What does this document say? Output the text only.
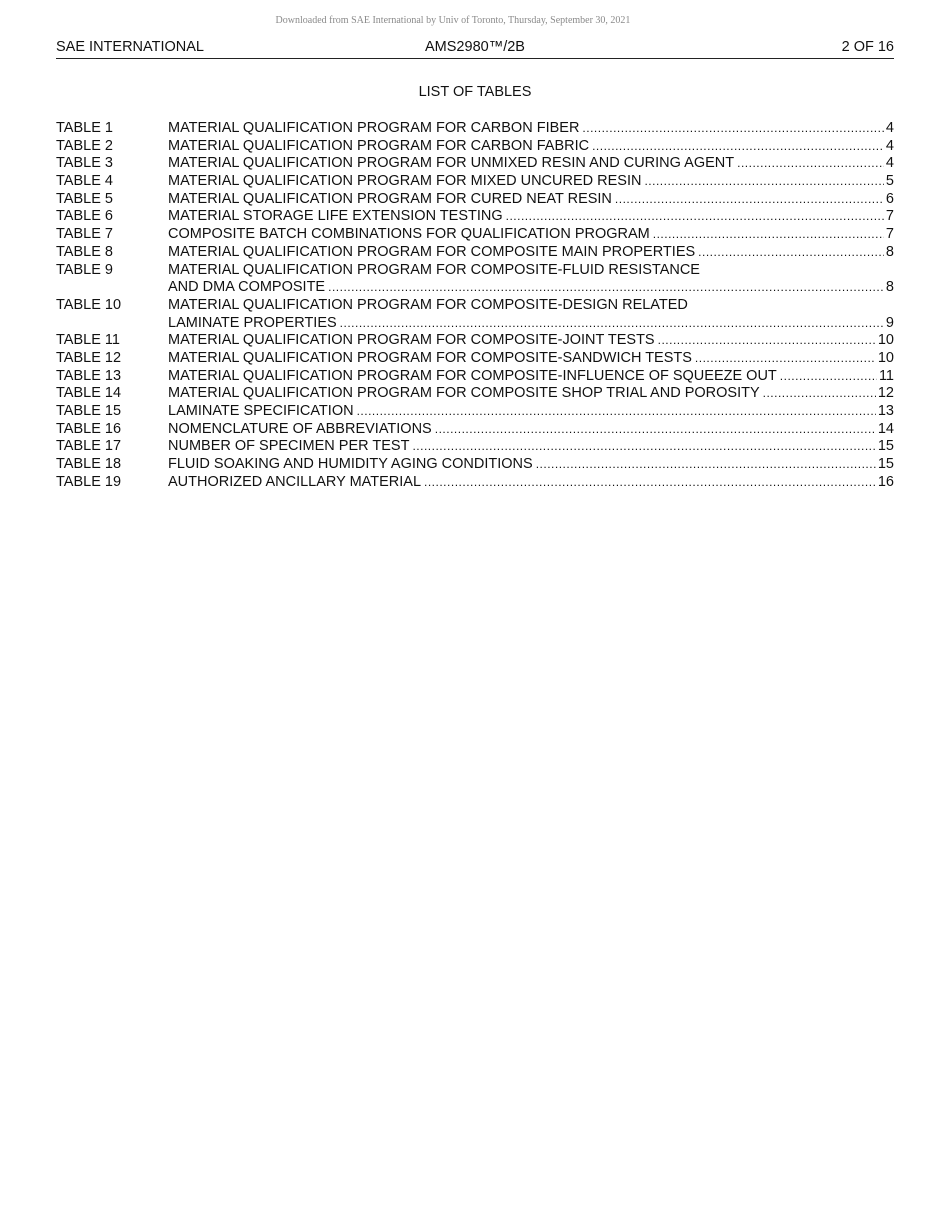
Downloaded from SAE International by Univ of Toronto, Thursday, September 30, 2021
SAE INTERNATIONAL	AMS2980™/2B	2 OF 16
LIST OF TABLES
TABLE 1	MATERIAL QUALIFICATION PROGRAM FOR CARBON FIBER .....	4
TABLE 2	MATERIAL QUALIFICATION PROGRAM FOR CARBON FABRIC .....	4
TABLE 3	MATERIAL QUALIFICATION PROGRAM FOR UNMIXED RESIN AND CURING AGENT .....	4
TABLE 4	MATERIAL QUALIFICATION PROGRAM FOR MIXED UNCURED RESIN .....	5
TABLE 5	MATERIAL QUALIFICATION PROGRAM FOR CURED NEAT RESIN .....	6
TABLE 6	MATERIAL STORAGE LIFE EXTENSION TESTING .....	7
TABLE 7	COMPOSITE BATCH COMBINATIONS FOR QUALIFICATION PROGRAM .....	7
TABLE 8	MATERIAL QUALIFICATION PROGRAM FOR COMPOSITE MAIN PROPERTIES .....	8
TABLE 9	MATERIAL QUALIFICATION PROGRAM FOR COMPOSITE-FLUID RESISTANCE
AND DMA COMPOSITE .....	8
TABLE 10	MATERIAL QUALIFICATION PROGRAM FOR COMPOSITE-DESIGN RELATED
LAMINATE PROPERTIES .....	9
TABLE 11	MATERIAL QUALIFICATION PROGRAM FOR COMPOSITE-JOINT TESTS .....	10
TABLE 12	MATERIAL QUALIFICATION PROGRAM FOR COMPOSITE-SANDWICH TESTS .....	10
TABLE 13	MATERIAL QUALIFICATION PROGRAM FOR COMPOSITE-INFLUENCE OF SQUEEZE OUT .....	11
TABLE 14	MATERIAL QUALIFICATION PROGRAM FOR COMPOSITE SHOP TRIAL AND POROSITY .....	12
TABLE 15	LAMINATE SPECIFICATION .....	13
TABLE 16	NOMENCLATURE OF ABBREVIATIONS .....	14
TABLE 17	NUMBER OF SPECIMEN PER TEST .....	15
TABLE 18	FLUID SOAKING AND HUMIDITY AGING CONDITIONS .....	15
TABLE 19	AUTHORIZED ANCILLARY MATERIAL .....	16
